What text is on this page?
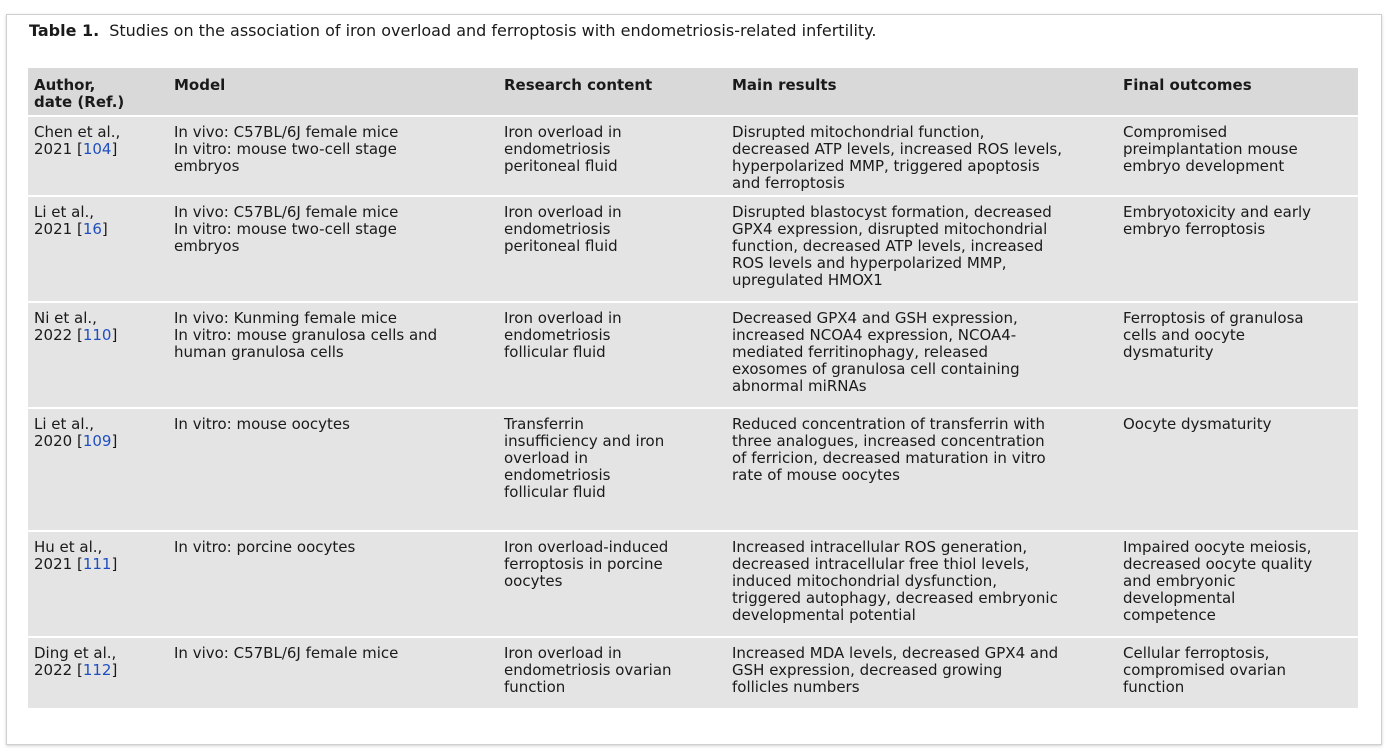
Table 1. Studies on the association of iron overload and ferroptosis with endometriosis-related infertility.
Author,
date (Ref.)	Model	Research content	Main results	Final outcomes

Chen et al.,
2021 [104]	In vivo: C57BL/6J female mice
In vitro: mouse two-cell stage
embryos	Iron overload in
endometriosis
peritoneal fluid	Disrupted mitochondrial function,
decreased ATP levels, increased ROS levels,
hyperpolarized MMP, triggered apoptosis
and ferroptosis	Compromised
preimplantation mouse
embryo development

Li et al.,
2021 [16]	In vivo: C57BL/6J female mice
In vitro: mouse two-cell stage
embryos	Iron overload in
endometriosis
peritoneal fluid	Disrupted blastocyst formation, decreased
GPX4 expression, disrupted mitochondrial
function, decreased ATP levels, increased
ROS levels and hyperpolarized MMP,
upregulated HMOX1	Embryotoxicity and early
embryo ferroptosis

Ni et al.,
2022 [110]	In vivo: Kunming female mice
In vitro: mouse granulosa cells and
human granulosa cells	Iron overload in
endometriosis
follicular fluid	Decreased GPX4 and GSH expression,
increased NCOA4 expression, NCOA4-
mediated ferritinophagy, released
exosomes of granulosa cell containing
abnormal miRNAs	Ferroptosis of granulosa
cells and oocyte
dysmaturity

Li et al.,
2020 [109]	In vitro: mouse oocytes	Transferrin
insufficiency and iron
overload in
endometriosis
follicular fluid	Reduced concentration of transferrin with
three analogues, increased concentration
of ferricion, decreased maturation in vitro
rate of mouse oocytes	Oocyte dysmaturity

Hu et al.,
2021 [111]	In vitro: porcine oocytes	Iron overload-induced
ferroptosis in porcine
oocytes	Increased intracellular ROS generation,
decreased intracellular free thiol levels,
induced mitochondrial dysfunction,
triggered autophagy, decreased embryonic
developmental potential	Impaired oocyte meiosis,
decreased oocyte quality
and embryonic
developmental
competence

Ding et al.,
2022 [112]	In vivo: C57BL/6J female mice	Iron overload in
endometriosis ovarian
function	Increased MDA levels, decreased GPX4 and
GSH expression, decreased growing
follicles numbers	Cellular ferroptosis,
compromised ovarian
function
